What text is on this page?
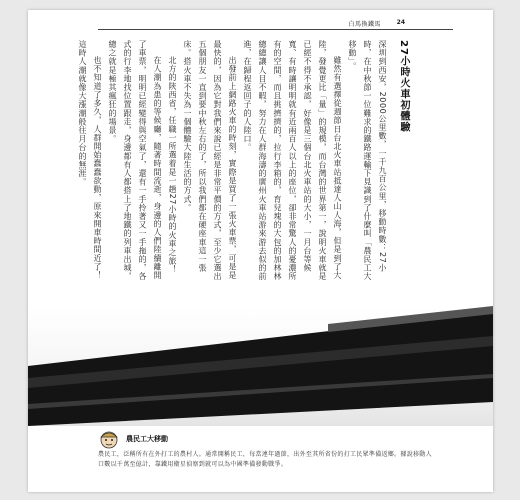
白馬換鐵馬	24
27小時火車初體驗

深圳到西安，2000公里數，一千九百公里，移動時數：27小時，在中秋節一位難求的鐵路運輸下見識到了什麼叫「農民工大移動」。

雖然有選擇從週節日台北火車站抵達人山人海，但是到了大陸，發覺更比「量」的規模，而台灣的世界第一，說明火車就是已經不得不承認，好像是三個台北火車站的大小，一月台等候寬、有時讓明明就有近兩百人以上的座位，卻非常驚人的憂濃所有的空間，而且挑擠擠的，拉行李箱的，育兒塊的大包的加林林總總讓人目不暇，努力在人群海濤的廣州火車站游來游去似的前進，在歸程返回子的人陸口。

出發前上網路火車的時刻，實際是買了一張火車票，可是是最快的，因為它對我們來說已經是非常平價的方式，至少它選出五個朋友一直到要中秋左右的了，所以我們都在硬座車這一張床。搭火車不失為一個體驗大陸生活的方式。

北方的陝西省，任職一所選着是一趟27小時的火車之旅！

在人潮為患的等候廳，隨著時間流逝，身邊的人們陸續離開了車票，明明已經變得與空氣了，還有一手拎著又一手拖的，各式的行李地找位置跟走，身邊都有人都搭上了地鐵的列車出城，總之就是極其瘋狂的場景。

也不知道了多久，人群開始蠢蠢欲動，原來開車時間近了！這時人潮就像大漲潮般往月台的無涯。

農民工大移動
農民工，泛稱所有在外打工的農村人。通常開稱民工，每當連年過節，出外至其所省份的打工民眾準備返鄉。據說移動人口數以千萬至億計，靠鐵用衛星偵察到就可以為中國準備發動戰爭。
